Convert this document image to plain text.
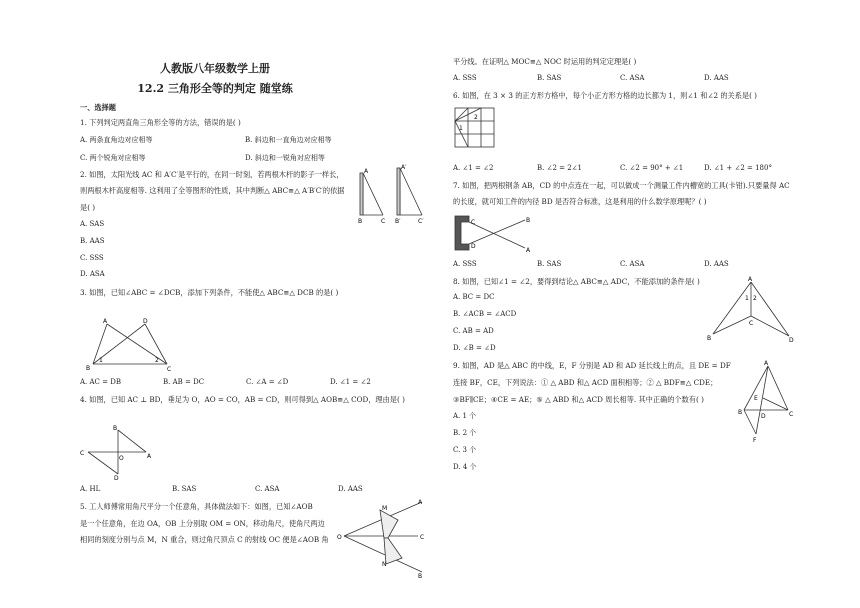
人教版八年级数学上册
12.2 三角形全等的判定 随堂练
一、选择题
1. 下列判定两直角三角形全等的方法，错误的是( )
A. 两条直角边对应相等	B. 斜边和一直角边对应相等
C. 两个锐角对应相等	D. 斜边和一锐角对应相等
2. 如图，太阳光线 AC 和 A′C′是平行的，在同一时刻，若两根木杆的影子一样长，
则两根木杆高度相等. 这利用了全等图形的性质，其中判断△ ABC≌△ A′B′C′的依据
是( )
A. SAS
B. AAS
C. SSS
D. ASA
A
A′
B	C B′	C′
3. 如图，已知∠ABC = ∠DCB，添加下列条件，不能使△ ABC≌△ DCB 的是( )
A	D
B	C
1	2
A. AC = DB	B. AB = DC	C. ∠A = ∠D	D. ∠1 = ∠2
4. 如图，已知 AC ⊥ BD，垂足为 O，AO = CO，AB = CD，则可得到△ AOB≌△ COD，理由是( )
B
C
O	A
D
A. HL	B. SAS	C. ASA	D. AAS
5. 工人师傅常用角尺平分一个任意角，具体做法如下：如图，已知∠AOB
是一个任意角，在边 OA，OB 上分别取 OM = ON，移动角尺，使角尺两边
相同的刻度分别与点 M，N 重合，则过角尺顶点 C 的射线 OC 便是∠AOB 角 O
M
N
C
A
B
平分线。在证明△ MOC≌△ NOC 时运用的判定定理是( )
A. SSS	B. SAS	C. ASA	D. AAS
6. 如图，在 3 × 3 的正方形方格中，每个小正方形方格的边长都为 1，则∠1 和∠2 的关系是( )
1
2
A. ∠1 = ∠2	B. ∠2 = 2∠1	C. ∠2 = 90° + ∠1	D. ∠1 + ∠2 = 180°
7. 如图，把两根钢条 AB，CD 的中点连在一起，可以做成一个测量工件内槽宽的工具(卡钳).只要量得 AC
的长度，就可知工件的内径 BD 是否符合标准，这是利用的什么数学原理呢？( )
C
A
D
B
A. SSS	B. SAS	C. ASA	D. AAS
8. 如图，已知∠1 = ∠2，要得到结论△ ABC≌△ ADC，不能添加的条件是( )
A. BC = DC
B. ∠ACB = ∠ACD
C. AB = AD
D. ∠B = ∠D
A
1 2
C
B	D
9. 如图，AD 是△ ABC 的中线，E，F 分别是 AD 和 AD 延长线上的点，且 DE = DF
连接 BF，CE，下列说法：① △ ABD 和△ ACD 面积相等；② △ BDF≌△ CDE；
③BF∥CE；④CE = AE；⑤ △ ABD 和△ ACD 周长相等. 其中正确的个数有( )
A. 1 个
B. 2 个
C. 3 个
D. 4 个
A
E
B
D	C
F
